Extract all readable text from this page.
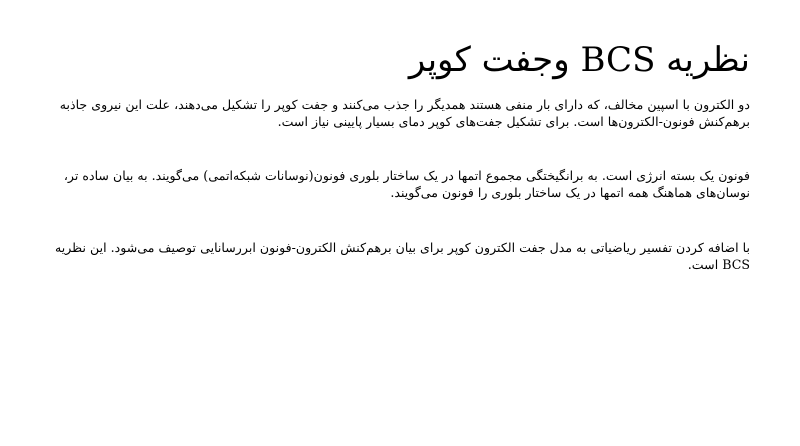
نظریه BCS وجفت کوپر

دو الکترون با اسپین مخالف، که دارای بار منفی هستند همدیگر را جذب می‌کنند و جفت کوپر را تشکیل می‌دهند، علت این نیروی جاذبه برهم‌کنش فونون-الکترون‌ها است. برای تشکیل جفت‌های کوپر دمای بسیار پایینی نیاز است.

فونون یک بسته انرژی است. به برانگیختگی مجموع اتمها در یک ساختار بلوری فونون(نوسانات شبکه‌اتمی) می‌گویند. به بیان ساده تر، نوسان‌های هماهنگ همه اتمها در یک ساختار بلوری را فونون می‌گویند.

با اضافه کردن تفسیر ریاضیاتی به مدل جفت الکترون کوپر برای بیان برهم‌کنش الکترون-فونون ابررسانایی توصیف می‌شود. این نظریه BCS است.
